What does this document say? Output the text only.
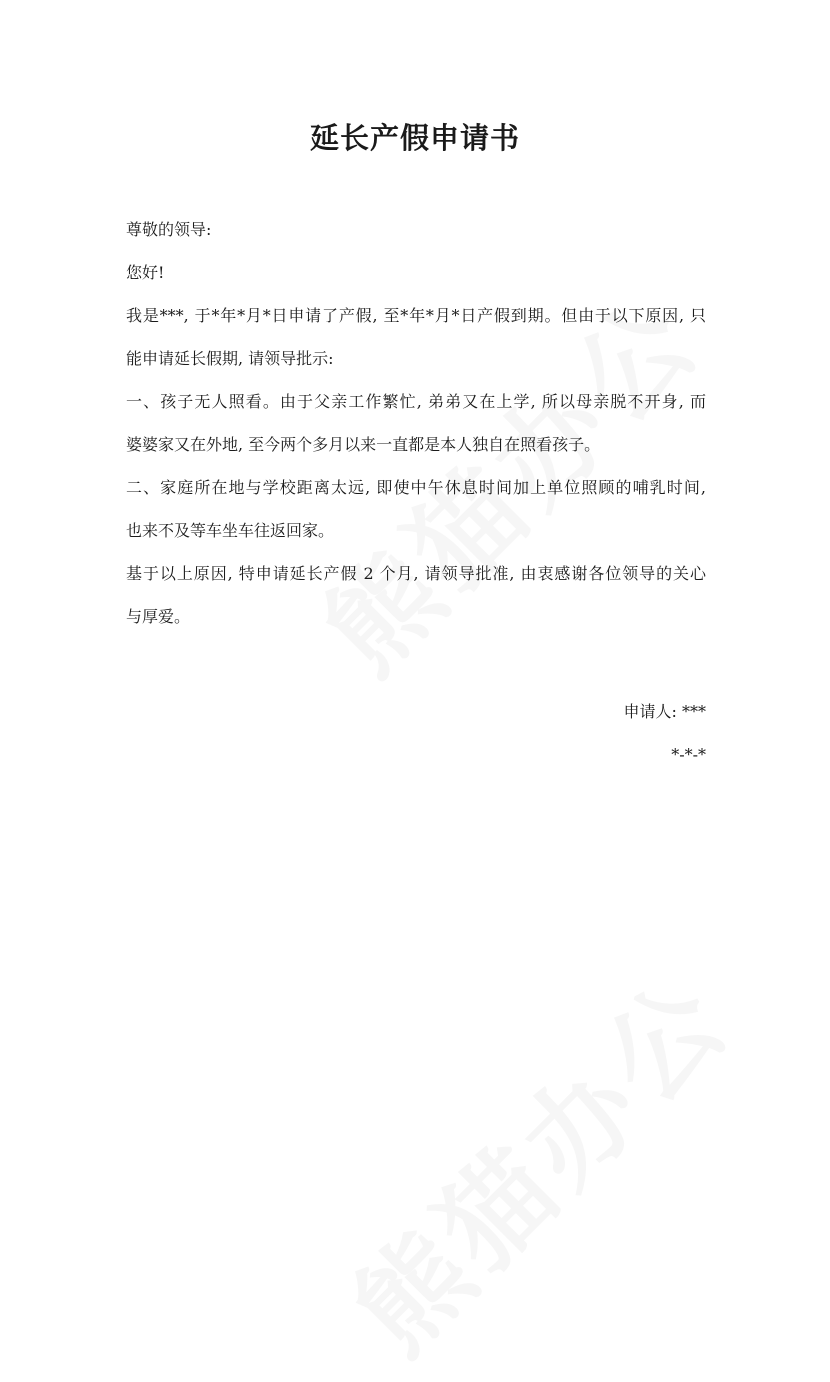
延长产假申请书

尊敬的领导:

您好!

我是***, 于*年*月*日申请了产假, 至*年*月*日产假到期。但由于以下原因, 只

能申请延长假期, 请领导批示:

一、孩子无人照看。由于父亲工作繁忙, 弟弟又在上学, 所以母亲脱不开身, 而

婆婆家又在外地, 至今两个多月以来一直都是本人独自在照看孩子。

二、家庭所在地与学校距离太远, 即使中午休息时间加上单位照顾的哺乳时间,

也来不及等车坐车往返回家。

基于以上原因, 特申请延长产假 2 个月, 请领导批准, 由衷感谢各位领导的关心

与厚爱。

申请人: ***

*-*-*
